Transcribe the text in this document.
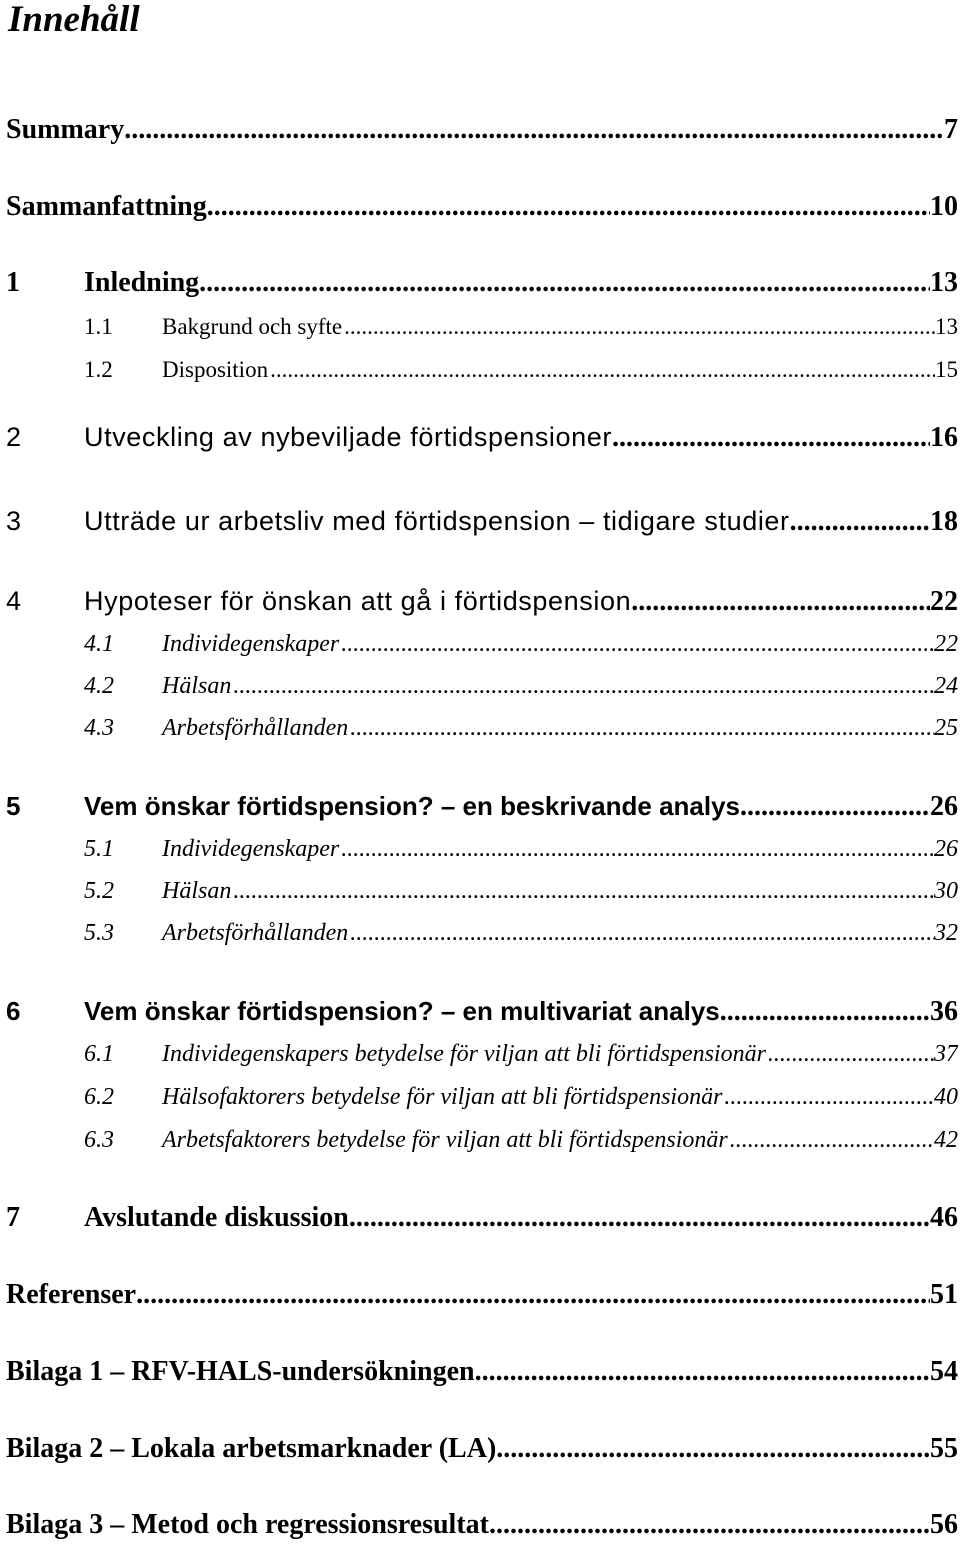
Innehåll
Summary .....	7
Sammanfattning .....	10
1	Inledning .....	13
1.1	Bakgrund och syfte .....	13
1.2	Disposition .....	15
2	Utveckling av nybeviljade förtidspensioner .....	16
3	Utträde ur arbetsliv med förtidspension – tidigare studier .....	18
4	Hypoteser för önskan att gå i förtidspension .....	22
4.1	Individegenskaper .....	22
4.2	Hälsan .....	24
4.3	Arbetsförhållanden .....	25
5	Vem önskar förtidspension? – en beskrivande analys .....	26
5.1	Individegenskaper .....	26
5.2	Hälsan .....	30
5.3	Arbetsförhållanden .....	32
6	Vem önskar förtidspension? – en multivariat analys .....	36
6.1	Individegenskapers betydelse för viljan att bli förtidspensionär .....	37
6.2	Hälsofaktorers betydelse för viljan att bli förtidspensionär .....	40
6.3	Arbetsfaktorers betydelse för viljan att bli förtidspensionär .....	42
7	Avslutande diskussion .....	46
Referenser .....	51
Bilaga 1 – RFV-HALS-undersökningen .....	54
Bilaga 2 – Lokala arbetsmarknader (LA) .....	55
Bilaga 3 – Metod och regressionsresultat .....	56
